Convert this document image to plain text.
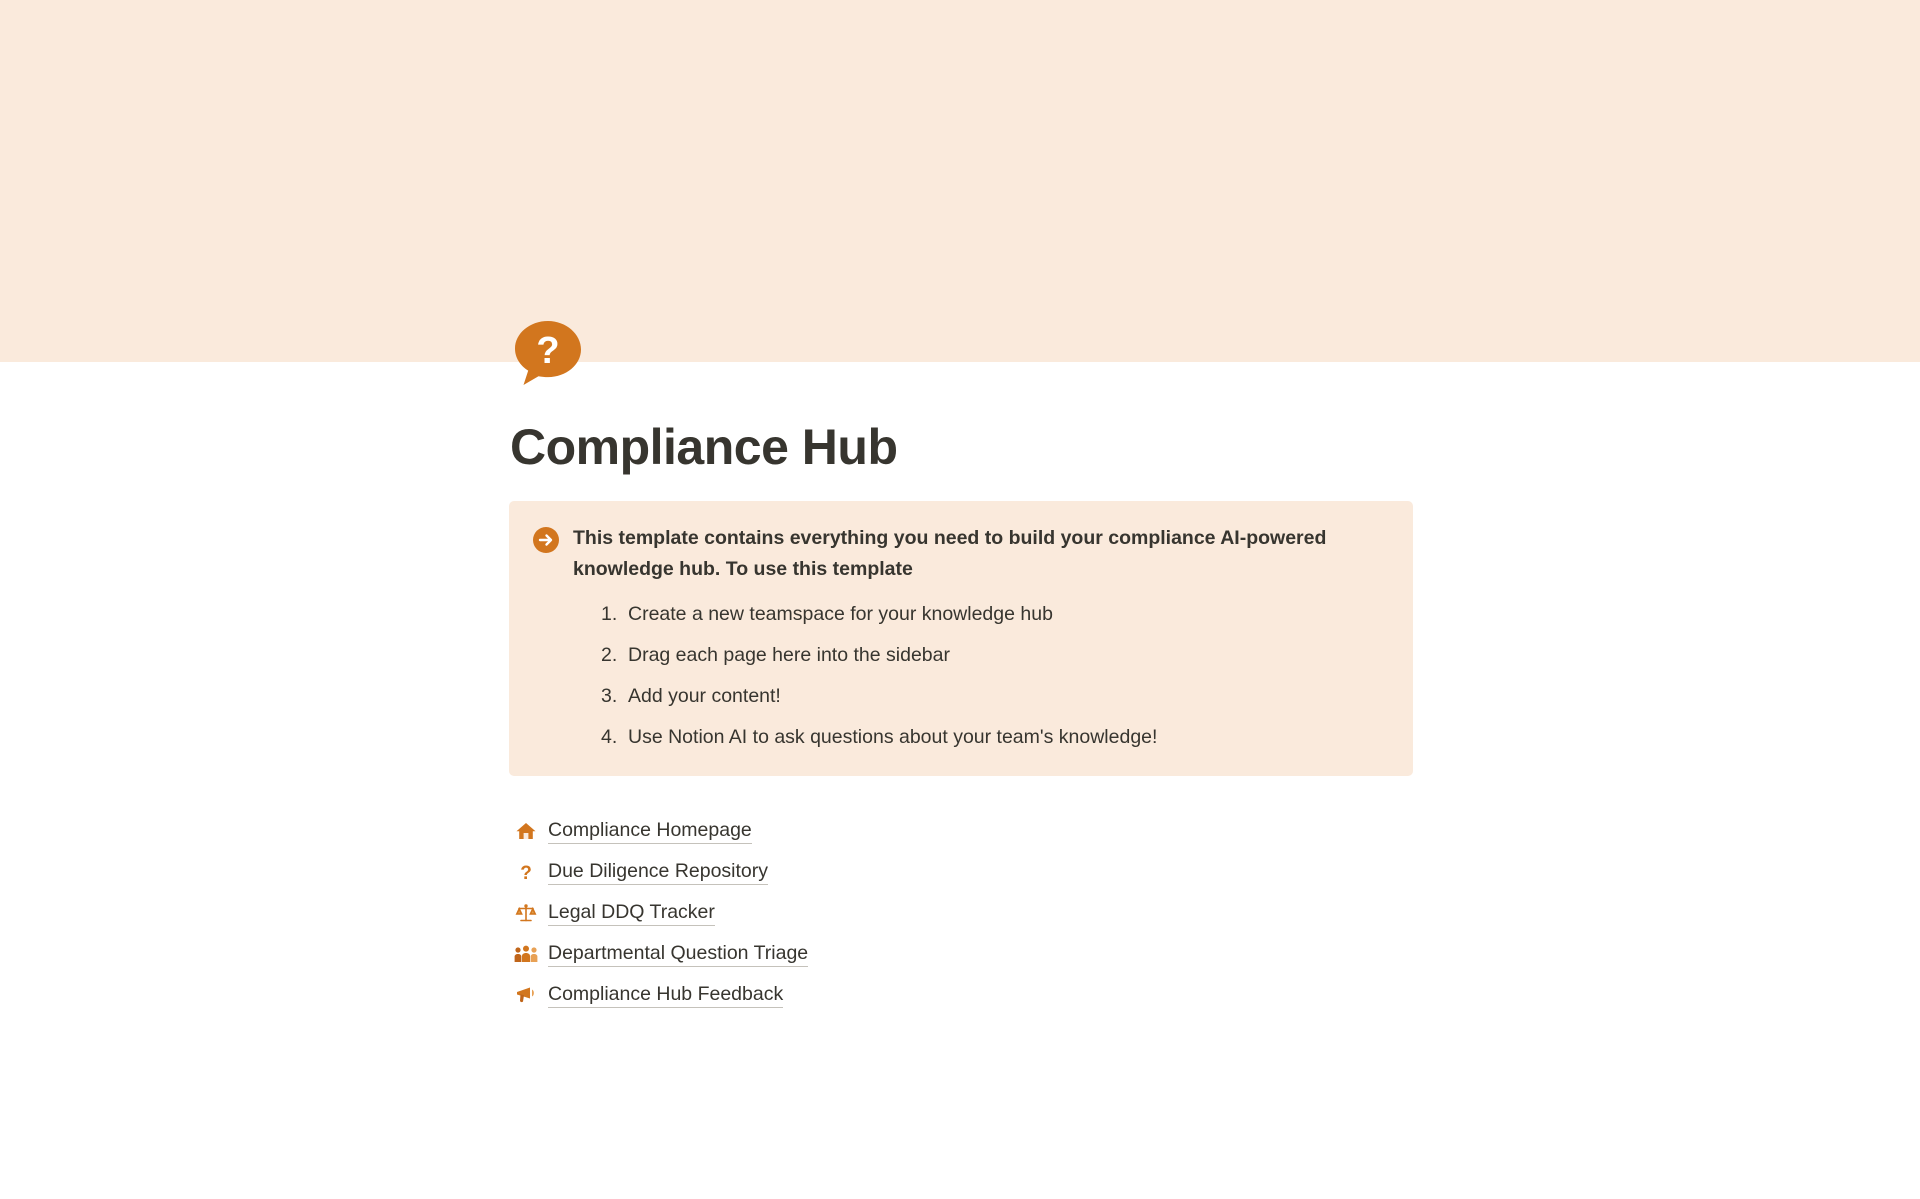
?
Compliance Hub
This template contains everything you need to build your compliance AI-powered knowledge hub. To use this template
Create a new teamspace for your knowledge hub
Drag each page here into the sidebar
Add your content!
Use Notion AI to ask questions about your team's knowledge!
Compliance Homepage
? Due Diligence Repository
Legal DDQ Tracker
Departmental Question Triage
Compliance Hub Feedback
